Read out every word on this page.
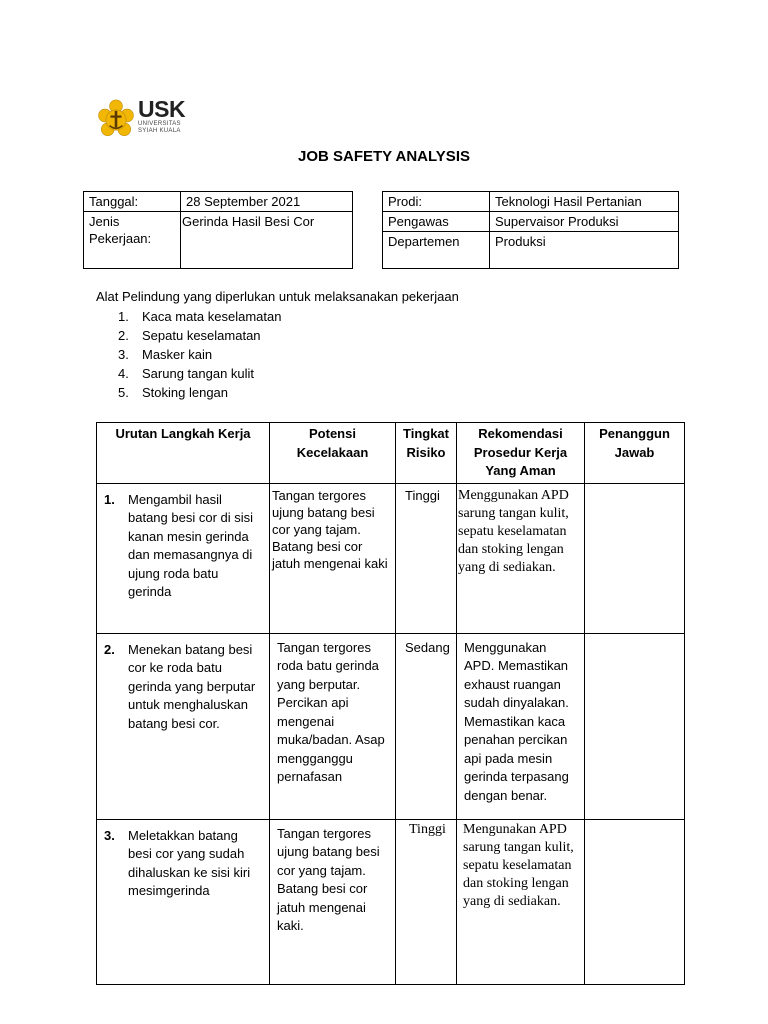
USK
UNIVERSITAS
SYIAH KUALA
JOB SAFETY ANALYSIS
Tanggal:	28 September 2021
Jenis Pekerjaan:	Gerinda Hasil Besi Cor
Prodi:	Teknologi Hasil Pertanian
Pengawas	Supervaisor Produksi
Departemen	Produksi
Alat Pelindung yang diperlukan untuk melaksanakan pekerjaan
1. Kaca mata keselamatan
2. Sepatu keselamatan
3. Masker kain
4. Sarung tangan kulit
5. Stoking lengan
Urutan Langkah Kerja	Potensi Kecelakaan	Tingkat Risiko	Rekomendasi Prosedur Kerja Yang Aman	Penanggun Jawab

1. Mengambil hasil batang besi cor di sisi kanan mesin gerinda dan memasangnya di ujung roda batu gerinda	Tangan tergores ujung batang besi cor yang tajam. Batang besi cor jatuh mengenai kaki	Tinggi	Menggunakan APD sarung tangan kulit, sepatu keselamatan dan stoking lengan yang di sediakan.	

2. Menekan batang besi cor ke roda batu gerinda yang berputar untuk menghaluskan batang besi cor.	Tangan tergores roda batu gerinda yang berputar. Percikan api mengenai muka/badan. Asap mengganggu pernafasan	Sedang	Menggunakan APD. Memastikan exhaust ruangan sudah dinyalakan. Memastikan kaca penahan percikan api pada mesin gerinda terpasang dengan benar.	

3. Meletakkan batang besi cor yang sudah dihaluskan ke sisi kiri mesimgerinda	Tangan tergores ujung batang besi cor yang tajam. Batang besi cor jatuh mengenai kaki.	Tinggi	Mengunakan APD sarung tangan kulit, sepatu keselamatan dan stoking lengan yang di sediakan.	
